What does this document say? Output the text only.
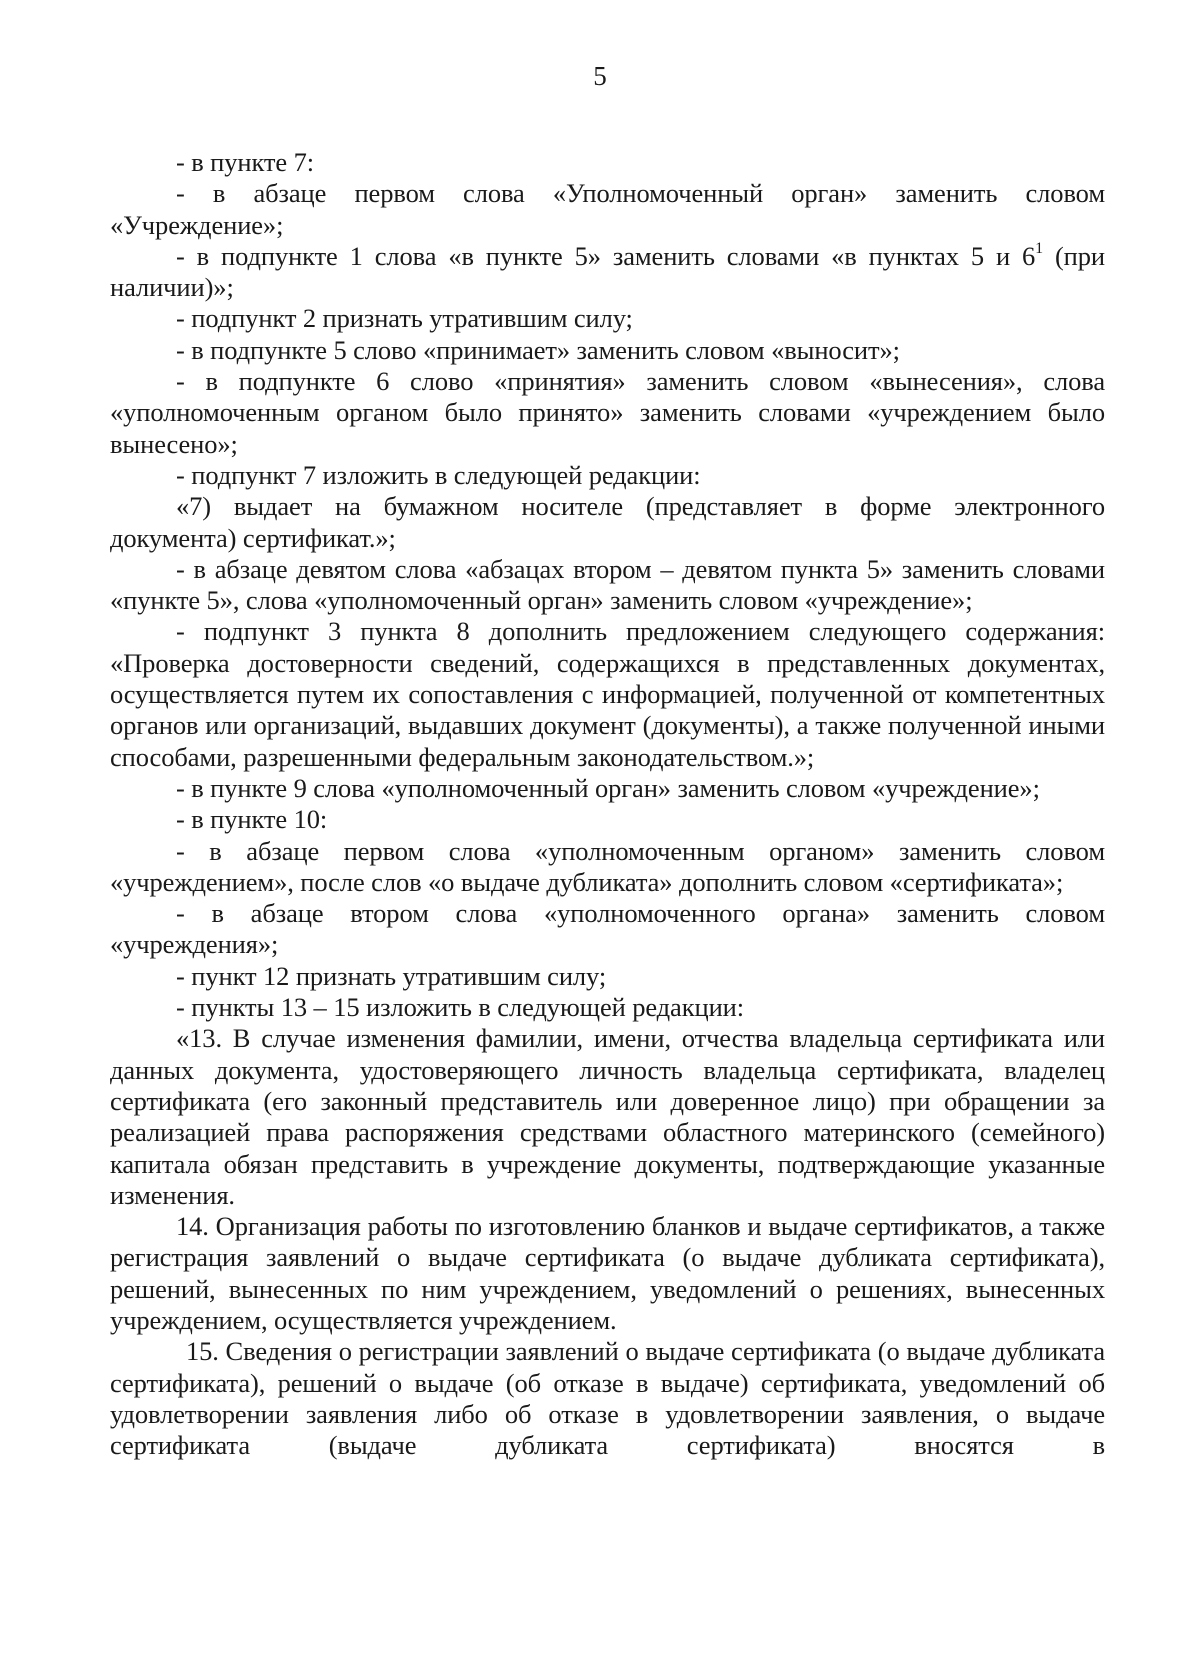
5

- в пункте 7:

- в абзаце первом слова «Уполномоченный орган» заменить словом «Учреждение»;

- в подпункте 1 слова «в пункте 5» заменить словами «в пунктах 5 и $6^1$ (при наличии)»;

- подпункт 2 признать утратившим силу;

- в подпункте 5 слово «принимает» заменить словом «выносит»;

- в подпункте 6 слово «принятия» заменить словом «вынесения», слова «уполномоченным органом было принято» заменить словами «учреждением было вынесено»;

- подпункт 7 изложить в следующей редакции:

«7) выдает на бумажном носителе (представляет в форме электронного документа) сертификат.»;

- в абзаце девятом слова «абзацах втором – девятом пункта 5» заменить словами «пункте 5», слова «уполномоченный орган» заменить словом «учреждение»;

- подпункт 3 пункта 8 дополнить предложением следующего содержания: «Проверка достоверности сведений, содержащихся в представленных документах, осуществляется путем их сопоставления с информацией, полученной от компетентных органов или организаций, выдавших документ (документы), а также полученной иными способами, разрешенными федеральным законодательством.»;

- в пункте 9 слова «уполномоченный орган» заменить словом «учреждение»;

- в пункте 10:

- в абзаце первом слова «уполномоченным органом» заменить словом «учреждением», после слов «о выдаче дубликата» дополнить словом «сертификата»;

- в абзаце втором слова «уполномоченного органа» заменить словом «учреждения»;

- пункт 12 признать утратившим силу;

- пункты 13 – 15 изложить в следующей редакции:

«13. В случае изменения фамилии, имени, отчества владельца сертификата или данных документа, удостоверяющего личность владельца сертификата, владелец сертификата (его законный представитель или доверенное лицо) при обращении за реализацией права распоряжения средствами областного материнского (семейного) капитала обязан представить в учреждение документы, подтверждающие указанные изменения.

14. Организация работы по изготовлению бланков и выдаче сертификатов, а также регистрация заявлений о выдаче сертификата (о выдаче дубликата сертификата), решений, вынесенных по ним учреждением, уведомлений о решениях, вынесенных учреждением, осуществляется учреждением.

15. Сведения о регистрации заявлений о выдаче сертификата (о выдаче дубликата сертификата), решений о выдаче (об отказе в выдаче) сертификата, уведомлений об удовлетворении заявления либо об отказе в удовлетворении заявления, о выдаче сертификата (выдаче дубликата сертификата) вносятся в
